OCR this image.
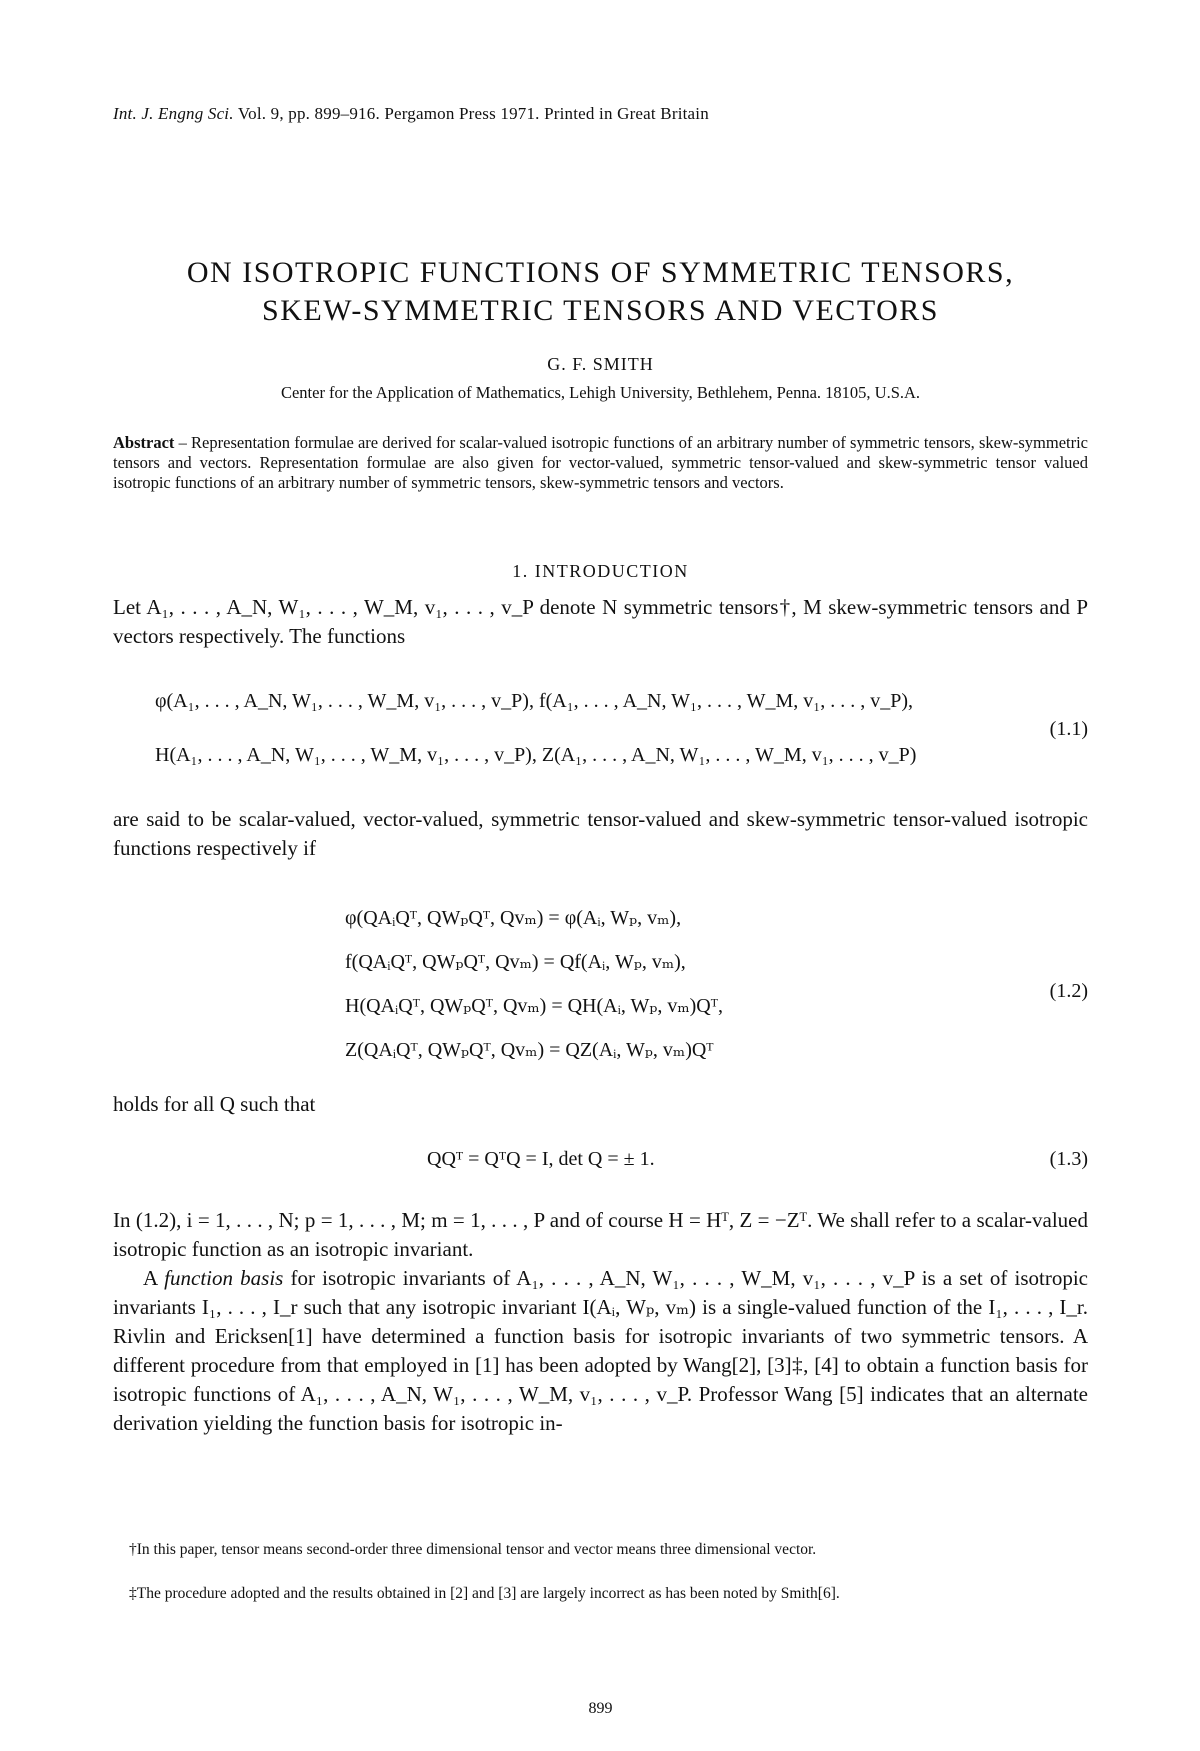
Int. J. Engng Sci. Vol. 9, pp. 899–916. Pergamon Press 1971. Printed in Great Britain
ON ISOTROPIC FUNCTIONS OF SYMMETRIC TENSORS,
SKEW-SYMMETRIC TENSORS AND VECTORS
G. F. SMITH
Center for the Application of Mathematics, Lehigh University, Bethlehem, Penna. 18105, U.S.A.
Abstract – Representation formulae are derived for scalar-valued isotropic functions of an arbitrary number of symmetric tensors, skew-symmetric tensors and vectors. Representation formulae are also given for vector-valued, symmetric tensor-valued and skew-symmetric tensor valued isotropic functions of an arbitrary number of symmetric tensors, skew-symmetric tensors and vectors.
1. INTRODUCTION
Let A₁, . . . , A_N, W₁, . . . , W_M, v₁, . . . , v_P denote N symmetric tensors†, M skew-symmetric tensors and P vectors respectively. The functions
φ(A₁, . . . , A_N, W₁, . . . , W_M, v₁, . . . , v_P), f(A₁, . . . , A_N, W₁, . . . , W_M, v₁, . . . , v_P),
H(A₁, . . . , A_N, W₁, . . . , W_M, v₁, . . . , v_P), Z(A₁, . . . , A_N, W₁, . . . , W_M, v₁, . . . , v_P)
(1.1)
are said to be scalar-valued, vector-valued, symmetric tensor-valued and skew-symmetric tensor-valued isotropic functions respectively if
φ(QAᵢQᵀ, QWₚQᵀ, Qvₘ) = φ(Aᵢ, Wₚ, vₘ),
f(QAᵢQᵀ, QWₚQᵀ, Qvₘ) = Qf(Aᵢ, Wₚ, vₘ),
H(QAᵢQᵀ, QWₚQᵀ, Qvₘ) = QH(Aᵢ, Wₚ, vₘ)Qᵀ,
Z(QAᵢQᵀ, QWₚQᵀ, Qvₘ) = QZ(Aᵢ, Wₚ, vₘ)Qᵀ
(1.2)
holds for all Q such that
QQᵀ = QᵀQ = I, det Q = ± 1.	(1.3)
In (1.2), i = 1, . . . , N; p = 1, . . . , M; m = 1, . . . , P and of course H = Hᵀ, Z = −Zᵀ. We shall refer to a scalar-valued isotropic function as an isotropic invariant.
A function basis for isotropic invariants of A₁, . . . , A_N, W₁, . . . , W_M, v₁, . . . , v_P is a set of isotropic invariants I₁, . . . , I_r such that any isotropic invariant I(Aᵢ, Wₚ, vₘ) is a single-valued function of the I₁, . . . , I_r. Rivlin and Ericksen[1] have determined a function basis for isotropic invariants of two symmetric tensors. A different procedure from that employed in [1] has been adopted by Wang[2], [3]‡, [4] to obtain a function basis for isotropic functions of A₁, . . . , A_N, W₁, . . . , W_M, v₁, . . . , v_P. Professor Wang [5] indicates that an alternate derivation yielding the function basis for isotropic in-
†In this paper, tensor means second-order three dimensional tensor and vector means three dimensional vector.
‡The procedure adopted and the results obtained in [2] and [3] are largely incorrect as has been noted by Smith[6].
899
